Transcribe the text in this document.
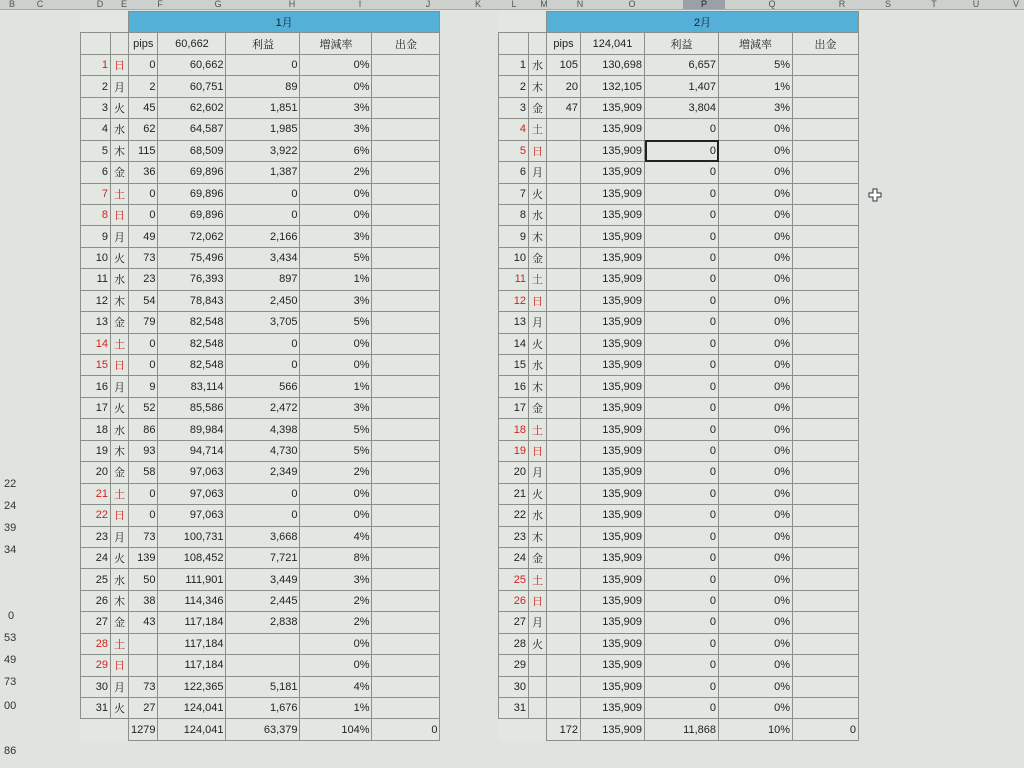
B C	D E	F	G	H	I	J	K	L	M	N	O	P	Q	R	S	T	U	V
22
24
39
34
0
53
49
73
00
86
		1月				
		pips	60,662	利益	増減率	出金
1	日	0	60,662	0	0%	
2	月	2	60,751	89	0%	
3	火	45	62,602	1,851	3%	
4	水	62	64,587	1,985	3%	
5	木	115	68,509	3,922	6%	
6	金	36	69,896	1,387	2%	
7	土	0	69,896	0	0%	
8	日	0	69,896	0	0%	
9	月	49	72,062	2,166	3%	
10	火	73	75,496	3,434	5%	
11	水	23	76,393	897	1%	
12	木	54	78,843	2,450	3%	
13	金	79	82,548	3,705	5%	
14	土	0	82,548	0	0%	
15	日	0	82,548	0	0%	
16	月	9	83,114	566	1%	
17	火	52	85,586	2,472	3%	
18	水	86	89,984	4,398	5%	
19	木	93	94,714	4,730	5%	
20	金	58	97,063	2,349	2%	
21	土	0	97,063	0	0%	
22	日	0	97,063	0	0%	
23	月	73	100,731	3,668	4%	
24	火	139	108,452	7,721	8%	
25	水	50	111,901	3,449	3%	
26	木	38	114,346	2,445	2%	
27	金	43	117,184	2,838	2%	
28	土		117,184		0%	
29	日		117,184		0%	
30	月	73	122,365	5,181	4%	
31	火	27	124,041	1,676	1%	
		1279	124,041	63,379	104%	0
		2月				
		pips	124,041	利益	増減率	出金
1	水	105	130,698	6,657	5%	
2	木	20	132,105	1,407	1%	
3	金	47	135,909	3,804	3%	
4	土		135,909	0	0%	
5	日		135,909	0	0%	
6	月		135,909	0	0%	
7	火		135,909	0	0%	
8	水		135,909	0	0%	
9	木		135,909	0	0%	
10	金		135,909	0	0%	
11	土		135,909	0	0%	
12	日		135,909	0	0%	
13	月		135,909	0	0%	
14	火		135,909	0	0%	
15	水		135,909	0	0%	
16	木		135,909	0	0%	
17	金		135,909	0	0%	
18	土		135,909	0	0%	
19	日		135,909	0	0%	
20	月		135,909	0	0%	
21	火		135,909	0	0%	
22	水		135,909	0	0%	
23	木		135,909	0	0%	
24	金		135,909	0	0%	
25	土		135,909	0	0%	
26	日		135,909	0	0%	
27	月		135,909	0	0%	
28	火		135,909	0	0%	
29			135,909	0	0%	
30			135,909	0	0%	
31			135,909	0	0%	
		172	135,909	11,868	10%	0
